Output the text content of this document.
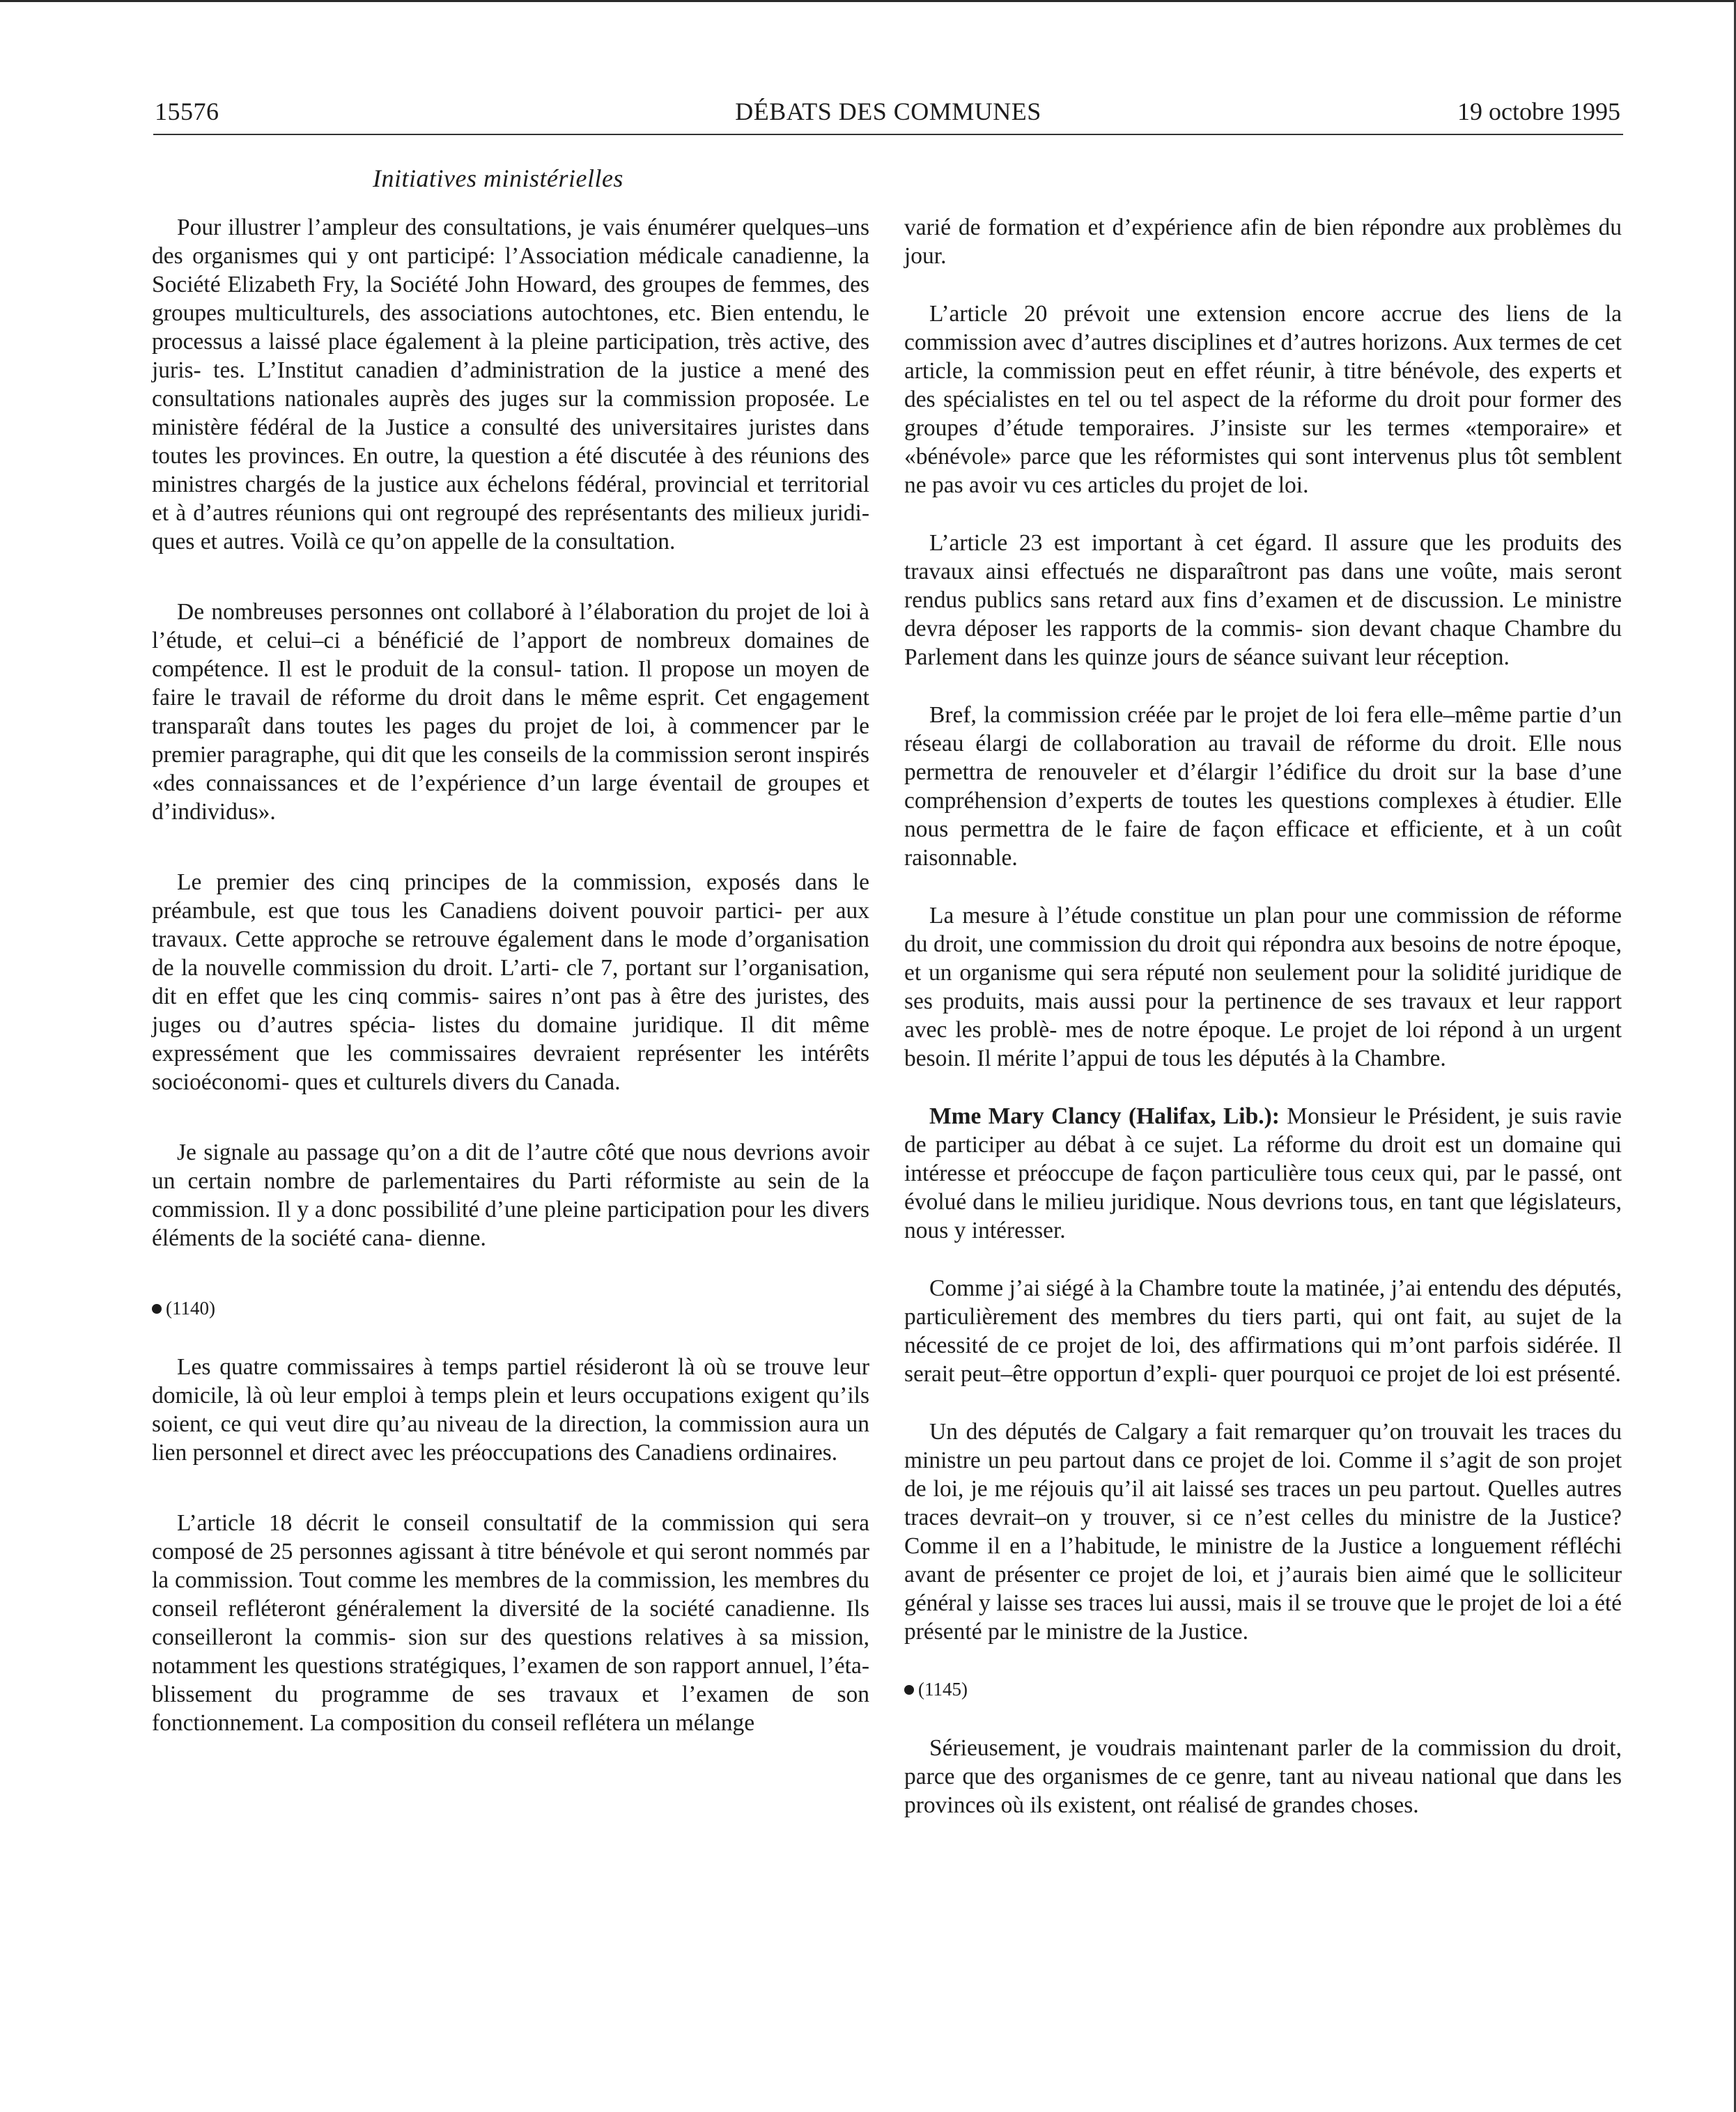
15576	DÉBATS DES COMMUNES	19 octobre 1995
Initiatives ministérielles

Pour illustrer l’ampleur des consultations, je vais énumérer quelques–uns des organismes qui y ont participé: l’Association médicale canadienne, la Société Elizabeth Fry, la Société John Howard, des groupes de femmes, des groupes multiculturels, des associations autochtones, etc. Bien entendu, le processus a laissé place également à la pleine participation, très active, des juris- tes. L’Institut canadien d’administration de la justice a mené des consultations nationales auprès des juges sur la commission proposée. Le ministère fédéral de la Justice a consulté des universitaires juristes dans toutes les provinces. En outre, la question a été discutée à des réunions des ministres chargés de la justice aux échelons fédéral, provincial et territorial et à d’autres réunions qui ont regroupé des représentants des milieux juridi- ques et autres. Voilà ce qu’on appelle de la consultation.

De nombreuses personnes ont collaboré à l’élaboration du projet de loi à l’étude, et celui–ci a bénéficié de l’apport de nombreux domaines de compétence. Il est le produit de la consul- tation. Il propose un moyen de faire le travail de réforme du droit dans le même esprit. Cet engagement transparaît dans toutes les pages du projet de loi, à commencer par le premier paragraphe, qui dit que les conseils de la commission seront inspirés «des connaissances et de l’expérience d’un large éventail de groupes et d’individus».

Le premier des cinq principes de la commission, exposés dans le préambule, est que tous les Canadiens doivent pouvoir partici- per aux travaux. Cette approche se retrouve également dans le mode d’organisation de la nouvelle commission du droit. L’arti- cle 7, portant sur l’organisation, dit en effet que les cinq commis- saires n’ont pas à être des juristes, des juges ou d’autres spécia- listes du domaine juridique. Il dit même expressément que les commissaires devraient représenter les intérêts socioéconomi- ques et culturels divers du Canada.

Je signale au passage qu’on a dit de l’autre côté que nous devrions avoir un certain nombre de parlementaires du Parti réformiste au sein de la commission. Il y a donc possibilité d’une pleine participation pour les divers éléments de la société cana- dienne.

(1140)

Les quatre commissaires à temps partiel résideront là où se trouve leur domicile, là où leur emploi à temps plein et leurs occupations exigent qu’ils soient, ce qui veut dire qu’au niveau de la direction, la commission aura un lien personnel et direct avec les préoccupations des Canadiens ordinaires.

L’article 18 décrit le conseil consultatif de la commission qui sera composé de 25 personnes agissant à titre bénévole et qui seront nommés par la commission. Tout comme les membres de la commission, les membres du conseil refléteront généralement la diversité de la société canadienne. Ils conseilleront la commis- sion sur des questions relatives à sa mission, notamment les questions stratégiques, l’examen de son rapport annuel, l’éta- blissement du programme de ses travaux et l’examen de son fonctionnement. La composition du conseil reflétera un mélange

varié de formation et d’expérience afin de bien répondre aux problèmes du jour.

L’article 20 prévoit une extension encore accrue des liens de la commission avec d’autres disciplines et d’autres horizons. Aux termes de cet article, la commission peut en effet réunir, à titre bénévole, des experts et des spécialistes en tel ou tel aspect de la réforme du droit pour former des groupes d’étude temporaires. J’insiste sur les termes «temporaire» et «bénévole» parce que les réformistes qui sont intervenus plus tôt semblent ne pas avoir vu ces articles du projet de loi.

L’article 23 est important à cet égard. Il assure que les produits des travaux ainsi effectués ne disparaîtront pas dans une voûte, mais seront rendus publics sans retard aux fins d’examen et de discussion. Le ministre devra déposer les rapports de la commis- sion devant chaque Chambre du Parlement dans les quinze jours de séance suivant leur réception.

Bref, la commission créée par le projet de loi fera elle–même partie d’un réseau élargi de collaboration au travail de réforme du droit. Elle nous permettra de renouveler et d’élargir l’édifice du droit sur la base d’une compréhension d’experts de toutes les questions complexes à étudier. Elle nous permettra de le faire de façon efficace et efficiente, et à un coût raisonnable.

La mesure à l’étude constitue un plan pour une commission de réforme du droit, une commission du droit qui répondra aux besoins de notre époque, et un organisme qui sera réputé non seulement pour la solidité juridique de ses produits, mais aussi pour la pertinence de ses travaux et leur rapport avec les problè- mes de notre époque. Le projet de loi répond à un urgent besoin. Il mérite l’appui de tous les députés à la Chambre.

Mme Mary Clancy (Halifax, Lib.): Monsieur le Président, je suis ravie de participer au débat à ce sujet. La réforme du droit est un domaine qui intéresse et préoccupe de façon particulière tous ceux qui, par le passé, ont évolué dans le milieu juridique. Nous devrions tous, en tant que législateurs, nous y intéresser.

Comme j’ai siégé à la Chambre toute la matinée, j’ai entendu des députés, particulièrement des membres du tiers parti, qui ont fait, au sujet de la nécessité de ce projet de loi, des affirmations qui m’ont parfois sidérée. Il serait peut–être opportun d’expli- quer pourquoi ce projet de loi est présenté.

Un des députés de Calgary a fait remarquer qu’on trouvait les traces du ministre un peu partout dans ce projet de loi. Comme il s’agit de son projet de loi, je me réjouis qu’il ait laissé ses traces un peu partout. Quelles autres traces devrait–on y trouver, si ce n’est celles du ministre de la Justice? Comme il en a l’habitude, le ministre de la Justice a longuement réfléchi avant de présenter ce projet de loi, et j’aurais bien aimé que le solliciteur général y laisse ses traces lui aussi, mais il se trouve que le projet de loi a été présenté par le ministre de la Justice.

(1145)

Sérieusement, je voudrais maintenant parler de la commission du droit, parce que des organismes de ce genre, tant au niveau national que dans les provinces où ils existent, ont réalisé de grandes choses.
